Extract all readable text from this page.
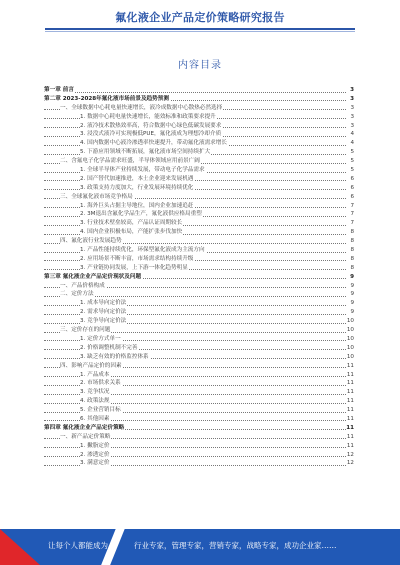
氟化液企业产品定价策略研究报告
内容目录
第一章 前言	3
第二章 2023-2028年氟化液市场前景及趋势预测	3
一、全球数据中心耗电量快速增长，液冷成数据中心散热必然选择	3
1. 数据中心耗电量快速增长，能效标准和政策要求提升	3
2. 液冷技术散热效率高，符合数据中心绿色低碳发展要求	3
3. 浸没式液冷可实现极低PUE，氟化液成为理想冷却介质	4
4. 国内数据中心液冷渗透率快速提升，带动氟化液需求增长	4
5. 下游应用领域不断拓展，氟化液市场空间持续扩大	5
二、含氟电子化学品需求旺盛，半导体领域应用前景广阔	5
1. 全球半导体产业持续发展，带动电子化学品需求	5
2. 国产替代加速推进，本土企业迎来发展机遇	6
3. 政策支持力度加大，行业发展环境持续优化	6
三、全球氟化液市场竞争格局	6
1. 海外巨头占据主导地位，国内企业加速追赶	7
2. 3M退出含氟化学品生产，氟化液供应格局重塑	7
3. 行业技术壁垒较高，产品认证周期较长	7
4. 国内企业积极布局，产能扩张步伐加快	8
四、氟化液行业发展趋势	8
1. 产品性能持续优化，环保型氟化液成为主流方向	8
2. 应用场景不断丰富，市场需求结构持续升级	8
3. 产业链协同发展，上下游一体化趋势明显	8
第三章 氟化液企业产品定价现状及问题	9
一、产品价格构成	9
二、定价方法	9
1. 成本导向定价法	9
2. 需求导向定价法	9
3. 竞争导向定价法	10
三、定价存在的问题	10
1. 定价方式单一	10
2. 价格调整机制不完善	10
3. 缺乏有效的价格监控体系	10
四、影响产品定价的因素	11
1. 产品成本	11
2. 市场供求关系	11
3. 竞争状况	11
4. 政策法规	11
5. 企业营销目标	11
6. 其他因素	11
第四章 氟化液企业产品定价策略	11
一、新产品定价策略	11
1. 撇脂定价	11
2. 渗透定价	12
3. 满意定价	12
让每个人都能成为	行业专家，管理专家，营销专家，战略专家，成功企业家……
